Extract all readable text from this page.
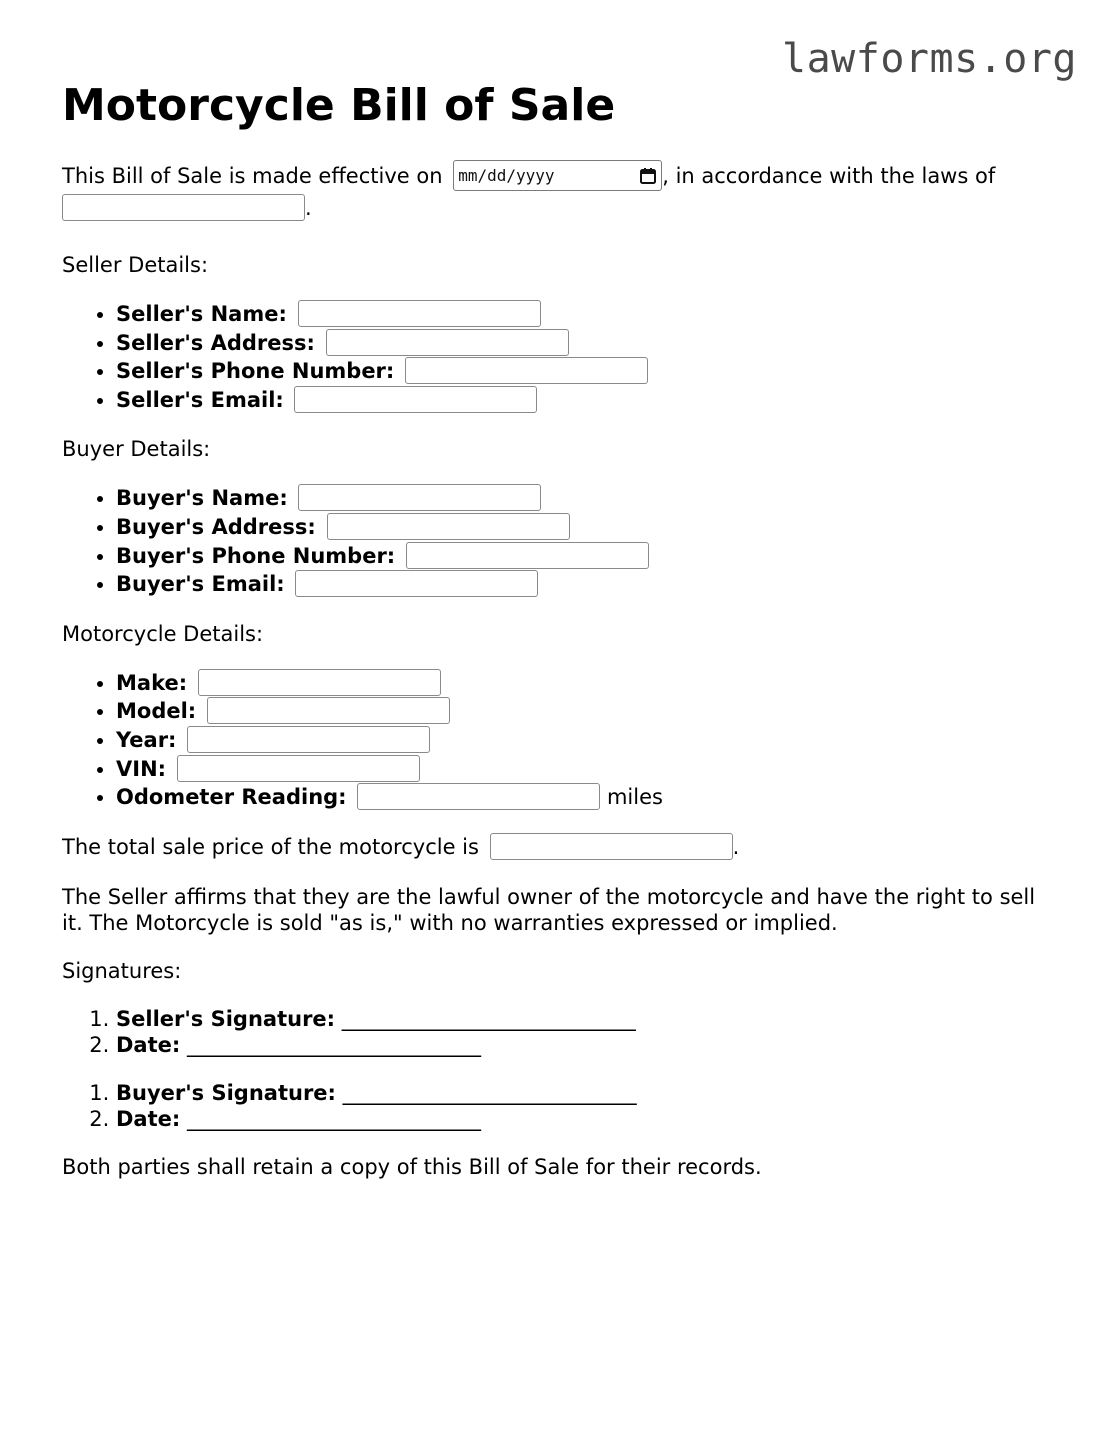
lawforms.org
Motorcycle Bill of Sale

This Bill of Sale is made effective on mm/dd/yyyy	, in accordance with the laws of
.

Seller Details:

• Seller's Name:
• Seller's Address:
• Seller's Phone Number:
• Seller's Email:

Buyer Details:

• Buyer's Name:
• Buyer's Address:
• Buyer's Phone Number:
• Buyer's Email:

Motorcycle Details:

• Make:
• Model:
• Year:
• VIN:
• Odometer Reading:	miles

The total sale price of the motorcycle is	.

The Seller affirms that they are the lawful owner of the motorcycle and have the right to sell it. The Motorcycle is sold "as is," with no warranties expressed or implied.

Signatures:

1. Seller's Signature: ____________________________
2. Date: ____________________________
1. Buyer's Signature: ____________________________
2. Date: ____________________________

Both parties shall retain a copy of this Bill of Sale for their records.
